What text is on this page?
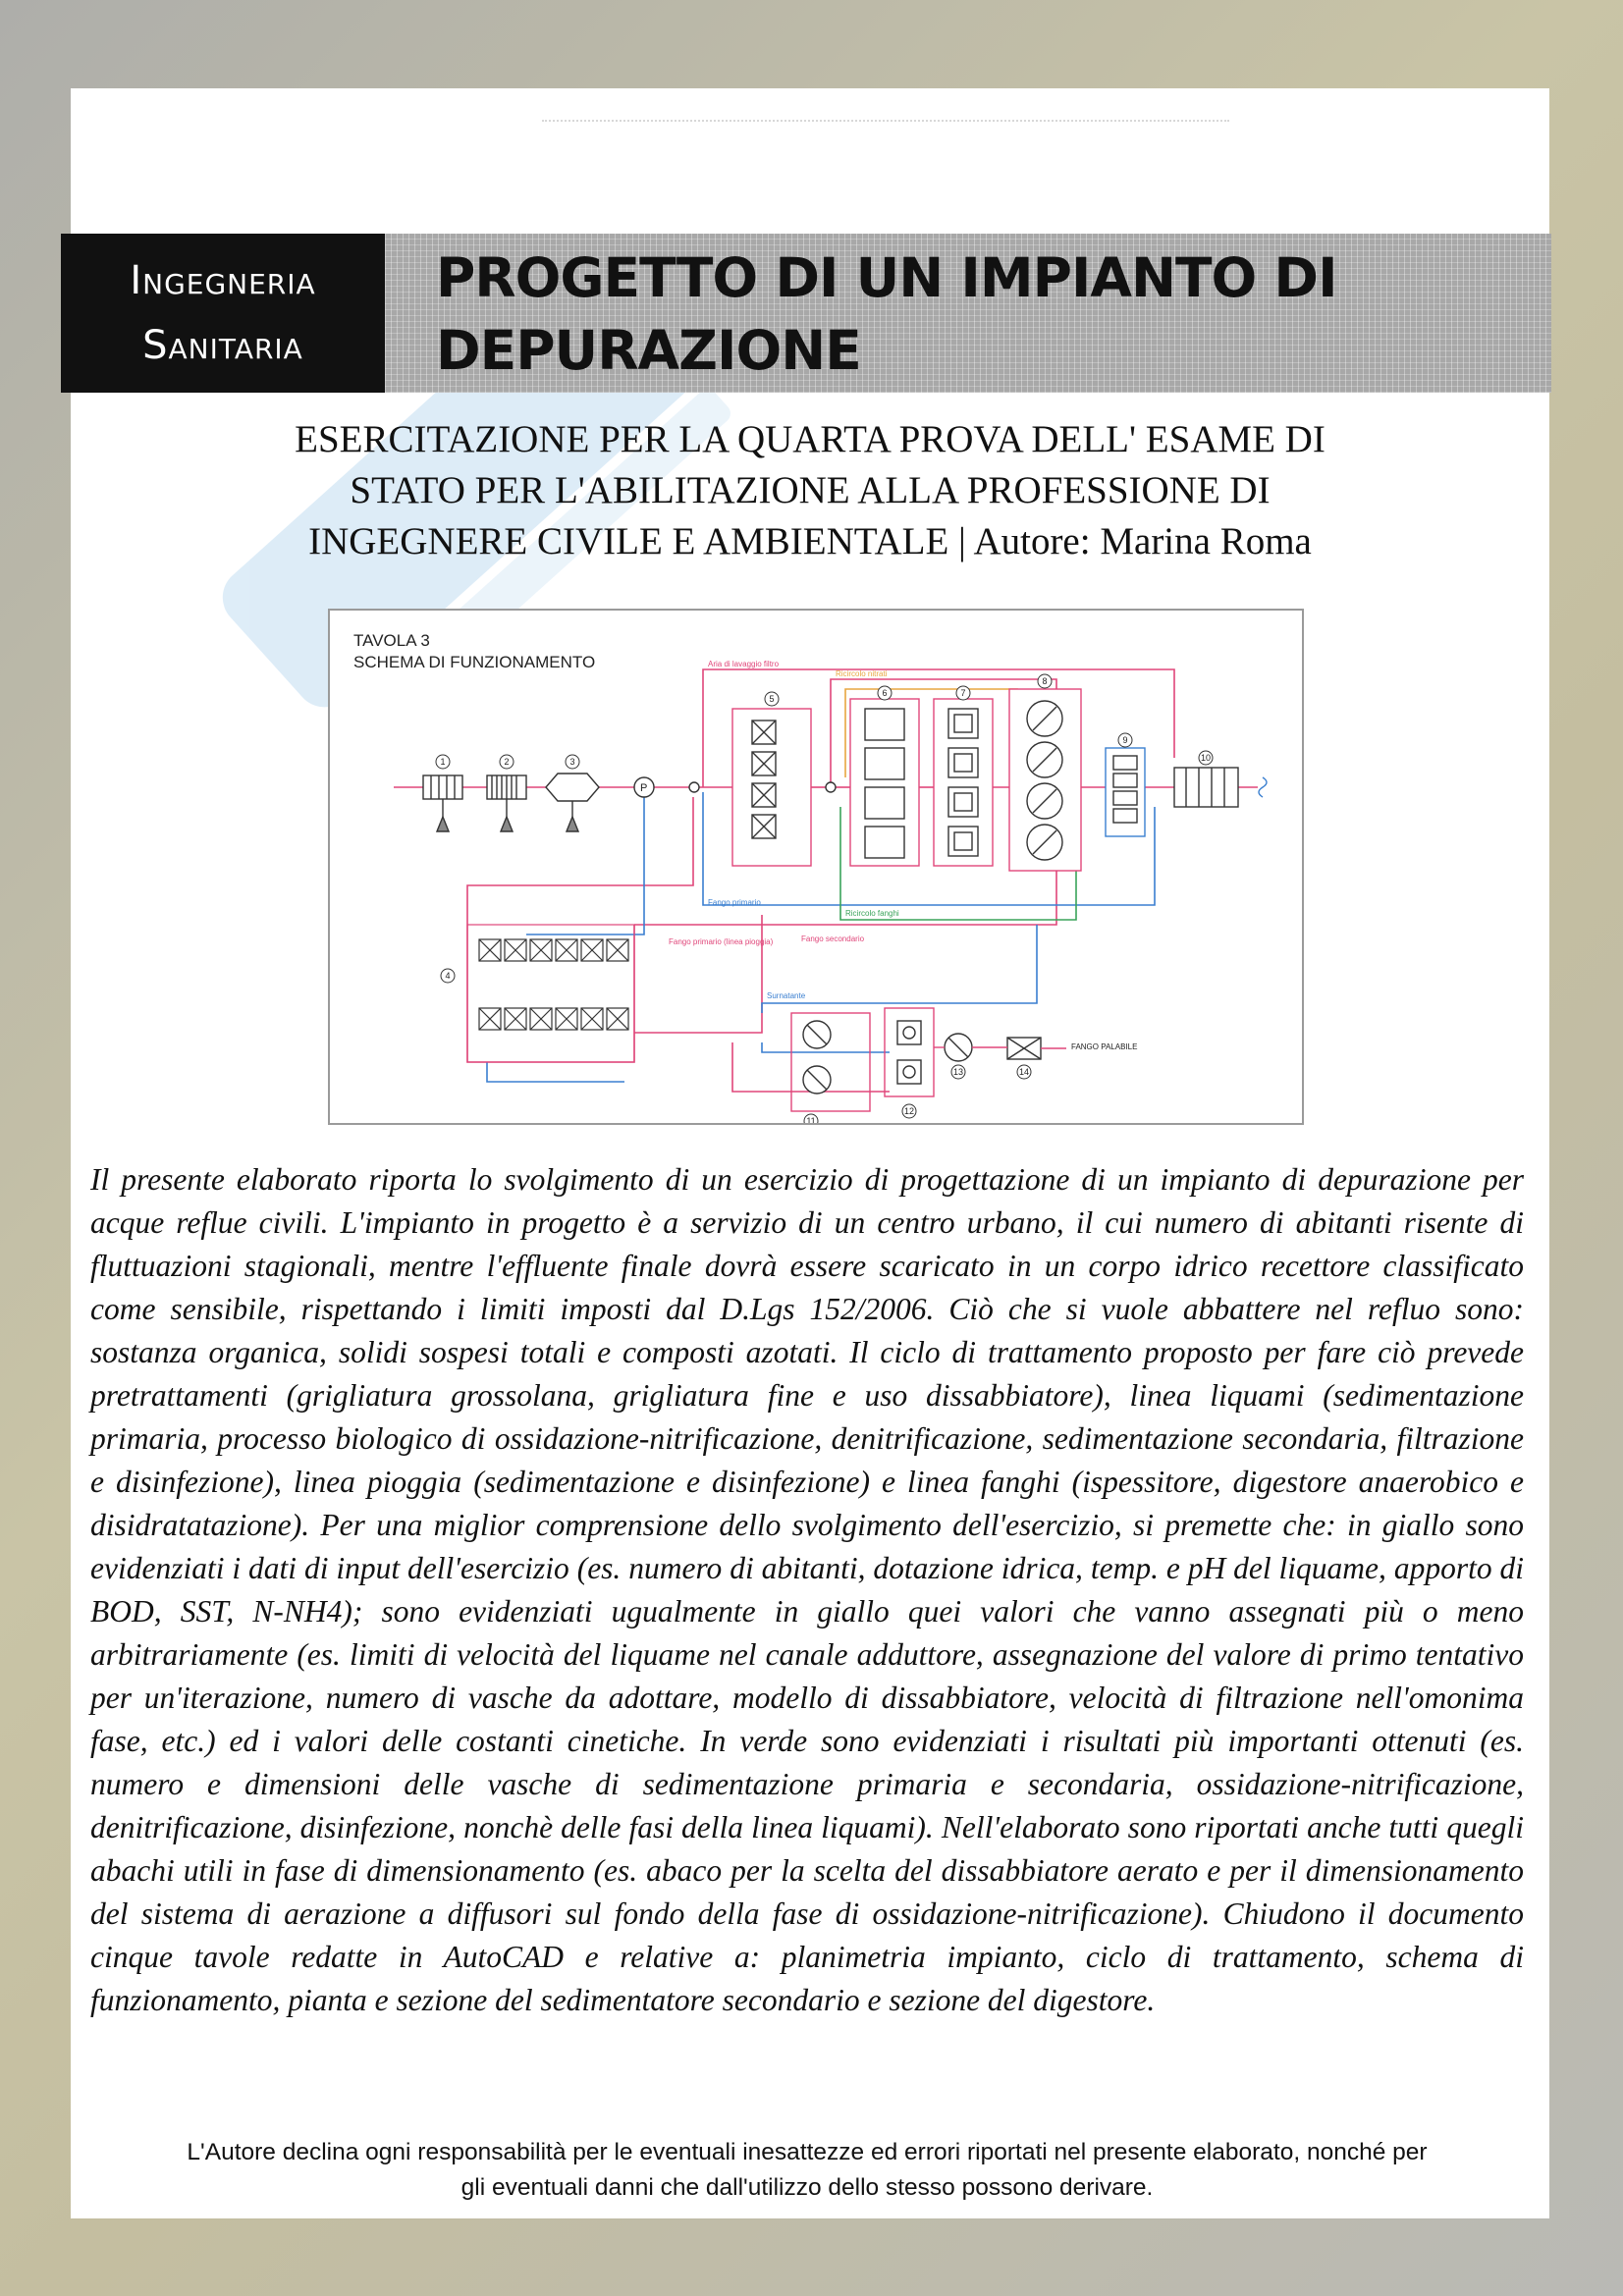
Ingegneria
Sanitaria
PROGETTO DI UN IMPIANTO DI
DEPURAZIONE

ESERCITAZIONE PER LA QUARTA PROVA DELL' ESAME DI
STATO PER L'ABILITAZIONE ALLA PROFESSIONE DI
INGEGNERE CIVILE E AMBIENTALE | Autore: Marina Roma

TAVOLA 3
SCHEMA DI FUNZIONAMENTO	Aria di lavaggio filtro
Ricircolo nitrati
Fango primario
Ricircolo fanghi
Fango primario (linea pioggia)	Fango secondario
Surnatante
FANGO PALABILE
P
1	2	3
4
5
6	7
8
9
10
11
12
13	14

Il presente elaborato riporta lo svolgimento di un esercizio di progettazione di un impianto di depurazione per acque reflue civili. L'impianto in progetto è a servizio di un centro urbano, il cui numero di abitanti risente di fluttuazioni stagionali, mentre l'effluente finale dovrà essere scaricato in un corpo idrico recettore classificato come sensibile, rispettando i limiti imposti dal D.Lgs 152/2006. Ciò che si vuole abbattere nel refluo sono: sostanza organica, solidi sospesi totali e composti azotati. Il ciclo di trattamento proposto per fare ciò prevede pretrattamenti (grigliatura grossolana, grigliatura fine e uso dissabbiatore), linea liquami (sedimentazione primaria, processo biologico di ossidazione-nitrificazione, denitrificazione, sedimentazione secondaria, filtrazione e disinfezione), linea pioggia (sedimentazione e disinfezione) e linea fanghi (ispessitore, digestore anaerobico e disidratatazione). Per una miglior comprensione dello svolgimento dell'esercizio, si premette che: in giallo sono evidenziati i dati di input dell'esercizio (es. numero di abitanti, dotazione idrica, temp. e pH del liquame, apporto di BOD, SST, N-NH4); sono evidenziati ugualmente in giallo quei valori che vanno assegnati più o meno arbitrariamente (es. limiti di velocità del liquame nel canale adduttore, assegnazione del valore di primo tentativo per un'iterazione, numero di vasche da adottare, modello di dissabbiatore, velocità di filtrazione nell'omonima fase, etc.) ed i valori delle costanti cinetiche. In verde sono evidenziati i risultati più importanti ottenuti (es. numero e dimensioni delle vasche di sedimentazione primaria e secondaria, ossidazione-nitrificazione, denitrificazione, disinfezione, nonchè delle fasi della linea liquami). Nell'elaborato sono riportati anche tutti quegli abachi utili in fase di dimensionamento (es. abaco per la scelta del dissabbiatore aerato e per il dimensionamento del sistema di aerazione a diffusori sul fondo della fase di ossidazione-nitrificazione). Chiudono il documento cinque tavole redatte in AutoCAD e relative a: planimetria impianto, ciclo di trattamento, schema di funzionamento, pianta e sezione del sedimentatore secondario e sezione del digestore.

L'Autore declina ogni responsabilità per le eventuali inesattezze ed errori riportati nel presente elaborato, nonché per
gli eventuali danni che dall'utilizzo dello stesso possono derivare.
